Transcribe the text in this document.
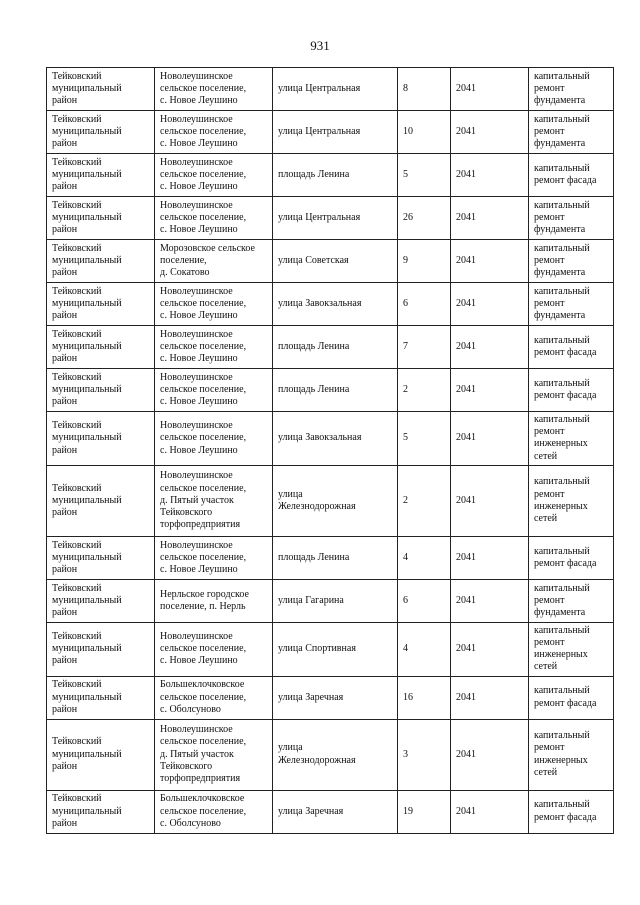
931
Тейковский
муниципальный
район	Новолеушинское
сельское поселение,
с. Новое Леушино	улица Центральная	8	2041	капитальный
ремонт
фундамента
Тейковский
муниципальный
район	Новолеушинское
сельское поселение,
с. Новое Леушино	улица Центральная	10	2041	капитальный
ремонт
фундамента
Тейковский
муниципальный
район	Новолеушинское
сельское поселение,
с. Новое Леушино	площадь Ленина	5	2041	капитальный
ремонт фасада
Тейковский
муниципальный
район	Новолеушинское
сельское поселение,
с. Новое Леушино	улица Центральная	26	2041	капитальный
ремонт
фундамента
Тейковский
муниципальный
район	Морозовское сельское
поселение,
д. Сокатово	улица Советская	9	2041	капитальный
ремонт
фундамента
Тейковский
муниципальный
район	Новолеушинское
сельское поселение,
с. Новое Леушино	улица Завокзальная	6	2041	капитальный
ремонт
фундамента
Тейковский
муниципальный
район	Новолеушинское
сельское поселение,
с. Новое Леушино	площадь Ленина	7	2041	капитальный
ремонт фасада
Тейковский
муниципальный
район	Новолеушинское
сельское поселение,
с. Новое Леушино	площадь Ленина	2	2041	капитальный
ремонт фасада
Тейковский
муниципальный
район	Новолеушинское
сельское поселение,
с. Новое Леушино	улица Завокзальная	5	2041	капитальный
ремонт
инженерных
сетей
Тейковский
муниципальный
район	Новолеушинское
сельское поселение,
д. Пятый участок
Тейковского
торфопредприятия	улица
Железнодорожная	2	2041	капитальный
ремонт
инженерных
сетей
Тейковский
муниципальный
район	Новолеушинское
сельское поселение,
с. Новое Леушино	площадь Ленина	4	2041	капитальный
ремонт фасада
Тейковский
муниципальный
район	Нерльское городское
поселение, п. Нерль	улица Гагарина	6	2041	капитальный
ремонт
фундамента
Тейковский
муниципальный
район	Новолеушинское
сельское поселение,
с. Новое Леушино	улица Спортивная	4	2041	капитальный
ремонт
инженерных
сетей
Тейковский
муниципальный
район	Большеклочковское
сельское поселение,
с. Оболсуново	улица Заречная	16	2041	капитальный
ремонт фасада
Тейковский
муниципальный
район	Новолеушинское
сельское поселение,
д. Пятый участок
Тейковского
торфопредприятия	улица
Железнодорожная	3	2041	капитальный
ремонт
инженерных
сетей
Тейковский
муниципальный
район	Большеклочковское
сельское поселение,
с. Оболсуново	улица Заречная	19	2041	капитальный
ремонт фасада
